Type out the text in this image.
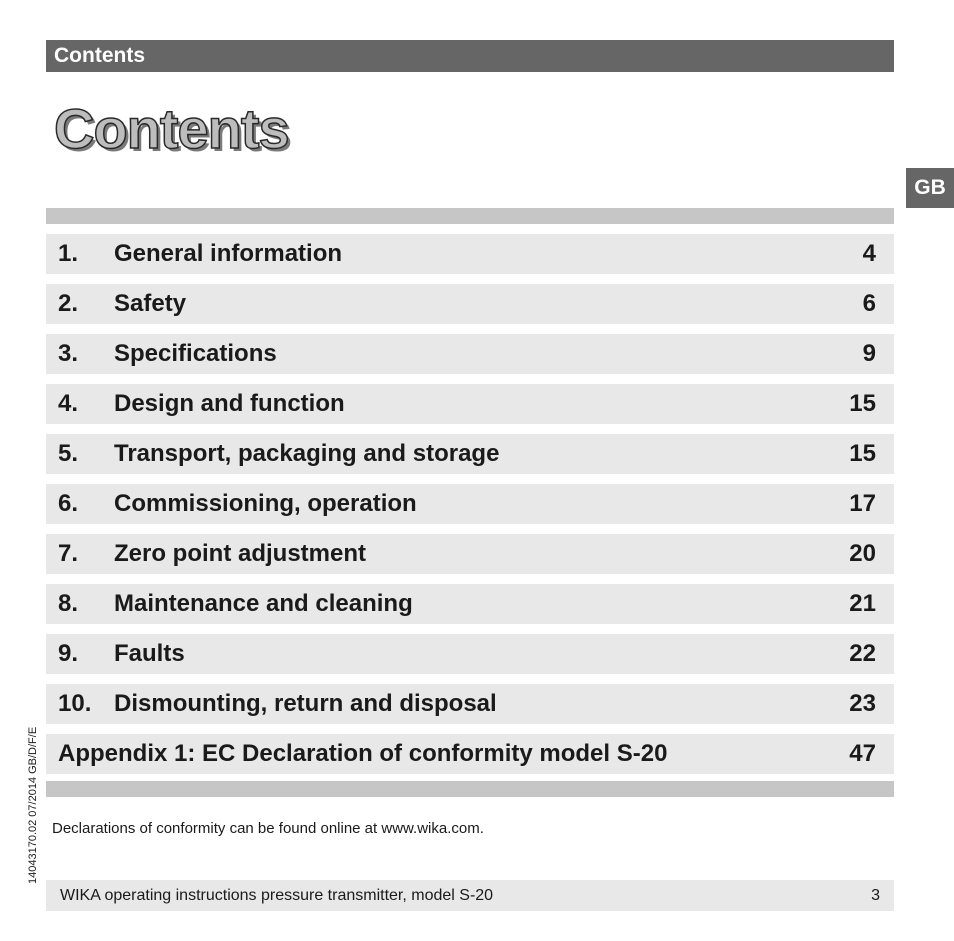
Contents
Contents
GB
1. General information	4
2. Safety	6
3. Specifications	9
4. Design and function	15
5. Transport, packaging and storage	15
6. Commissioning, operation	17
7. Zero point adjustment	20
8. Maintenance and cleaning	21
9. Faults	22
10. Dismounting, return and disposal	23
Appendix 1: EC Declaration of conformity model S-20	47
Declarations of conformity can be found online at www.wika.com.
14043170.02 07/2014 GB/D/F/E
WIKA operating instructions pressure transmitter, model S-20	3
